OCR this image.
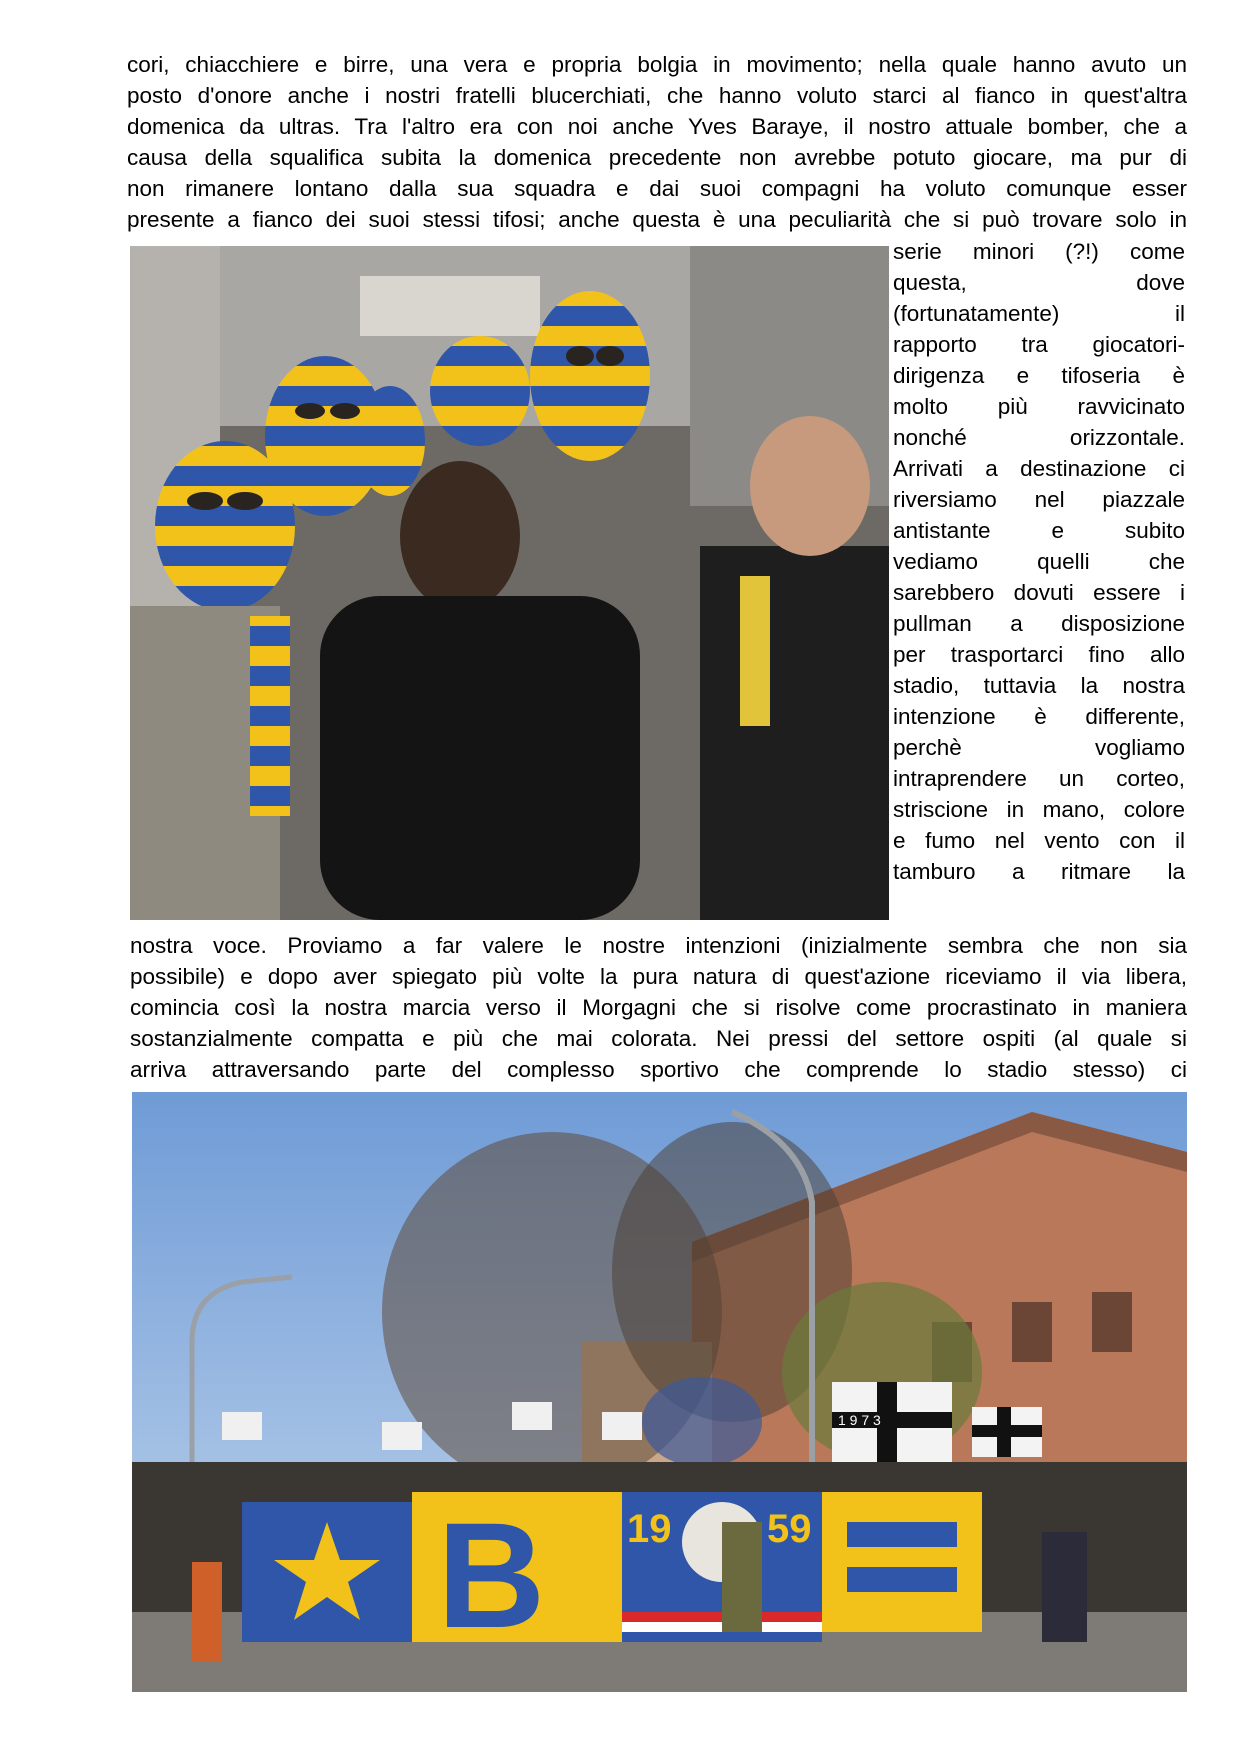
cori, chiacchiere e birre, una vera e propria bolgia in movimento; nella quale hanno avuto un
posto d'onore anche i nostri fratelli blucerchiati, che hanno voluto starci al fianco in quest'altra
domenica da ultras. Tra l'altro era con noi anche Yves Baraye, il nostro attuale bomber, che a
causa della squalifica subita la domenica precedente non avrebbe potuto giocare, ma pur di
non rimanere lontano dalla sua squadra e dai suoi compagni ha voluto comunque esser
presente a fianco dei suoi stessi tifosi; anche questa è una peculiarità che si può trovare solo in
serie minori (?!) come
questa, dove
(fortunatamente) il
rapporto tra giocatori-
dirigenza e tifoseria è
molto più ravvicinato
nonché orizzontale.
Arrivati a destinazione ci
riversiamo nel piazzale
antistante e subito
vediamo quelli che
sarebbero dovuti essere i
pullman a disposizione
per trasportarci fino allo
stadio, tuttavia la nostra
intenzione è differente,
perchè vogliamo
intraprendere un corteo,
striscione in mano, colore
e fumo nel vento con il
tamburo a ritmare la
nostra voce. Proviamo a far valere le nostre intenzioni (inizialmente sembra che non sia
possibile) e dopo aver spiegato più volte la pura natura di quest'azione riceviamo il via libera,
comincia così la nostra marcia verso il Morgagni che si risolve come procrastinato in maniera
sostanzialmente compatta e più che mai colorata. Nei pressi del settore ospiti (al quale si
arriva attraversando parte del complesso sportivo che comprende lo stadio stesso) ci
1 9 7 3
B 19 59
